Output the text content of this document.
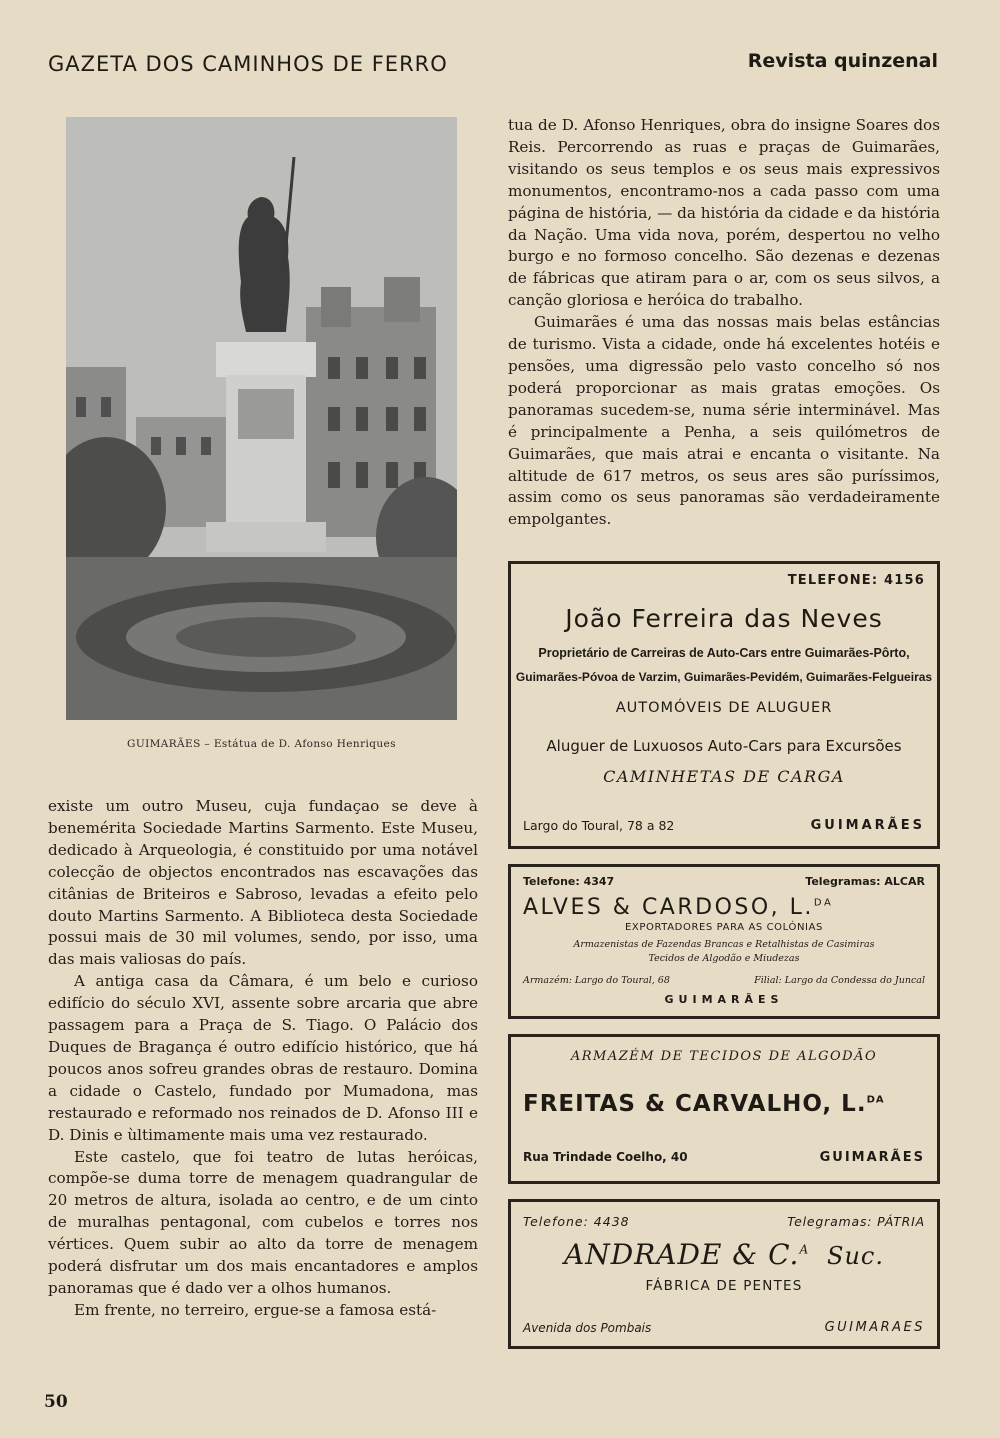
GAZETA DOS CAMINHOS DE FERRO	Revista quinzenal
GUIMARÃES – Estátua de D. Afonso Henriques

existe um outro Museu, cuja fundaçao se deve à benemérita Sociedade Martins Sarmento. Este Museu, dedicado à Arqueologia, é constituido por uma notável colecção de objectos encontrados nas escavações das citânias de Briteiros e Sabroso, levadas a efeito pelo douto Martins Sarmento. A Biblioteca desta Sociedade possui mais de 30 mil volumes, sendo, por isso, uma das mais valiosas do país.

A antiga casa da Câmara, é um belo e curioso edifício do século XVI, assente sobre arcaria que abre passagem para a Praça de S. Tiago. O Palácio dos Duques de Bragança é outro edifício histórico, que há poucos anos sofreu grandes obras de restauro. Domina a cidade o Castelo, fundado por Mumadona, mas restaurado e reformado nos reinados de D. Afonso III e D. Dinis e ùltimamente mais uma vez restaurado.

Este castelo, que foi teatro de lutas heróicas, compõe-se duma torre de menagem quadrangular de 20 metros de altura, isolada ao centro, e de um cinto de muralhas pentagonal, com cubelos e torres nos vértices. Quem subir ao alto da torre de menagem poderá disfrutar um dos mais encantadores e amplos panoramas que é dado ver a olhos humanos.

Em frente, no terreiro, ergue-se a famosa está-

tua de D. Afonso Henriques, obra do insigne Soares dos Reis. Percorrendo as ruas e praças de Guimarães, visitando os seus templos e os seus mais expressivos monumentos, encontramo-nos a cada passo com uma página de história, — da história da cidade e da história da Nação. Uma vida nova, porém, despertou no velho burgo e no formoso concelho. São dezenas e dezenas de fábricas que atiram para o ar, com os seus silvos, a canção gloriosa e heróica do trabalho.

Guimarães é uma das nossas mais belas estâncias de turismo. Vista a cidade, onde há excelentes hotéis e pensões, uma digressão pelo vasto concelho só nos poderá proporcionar as mais gratas emoções. Os panoramas sucedem-se, numa série interminável. Mas é principalmente a Penha, a seis quilómetros de Guimarães, que mais atrai e encanta o visitante. Na altitude de 617 metros, os seus ares são puríssimos, assim como os seus panoramas são verdadeiramente empolgantes.

TELEFONE: 4156
João Ferreira das Neves
Proprietário de Carreiras de Auto-Cars entre Guimarães-Pôrto,
Guimarães-Póvoa de Varzim, Guimarães-Pevidém, Guimarães-Felgueiras
AUTOMÓVEIS DE ALUGUER
Aluguer de Luxuosos Auto-Cars para Excursões
CAMINHETAS DE CARGA
Largo do Toural, 78 a 82	GUIMARÃES
Telefone: 4347	Telegramas: ALCAR
ALVES & CARDOSO, L.$^{DA}$
EXPORTADORES PARA AS COLÓNIAS
Armazenistas de Fazendas Brancas e Retalhistas de Casimiras
Tecidos de Algodão e Miudezas
Armazém: Largo do Toural, 68	Filial: Largo da Condessa do Juncal
GUIMARÃES
ARMAZÉM DE TECIDOS DE ALGODÃO
FREITAS & CARVALHO, L.$^{DA}$
Rua Trindade Coelho, 40	GUIMARÃES
Telefone: 4438	Telegramas: PÁTRIA
ANDRADE & C.$^A$ Suc.
FÁBRICA DE PENTES
Avenida dos Pombais	GUIMARAES
50
